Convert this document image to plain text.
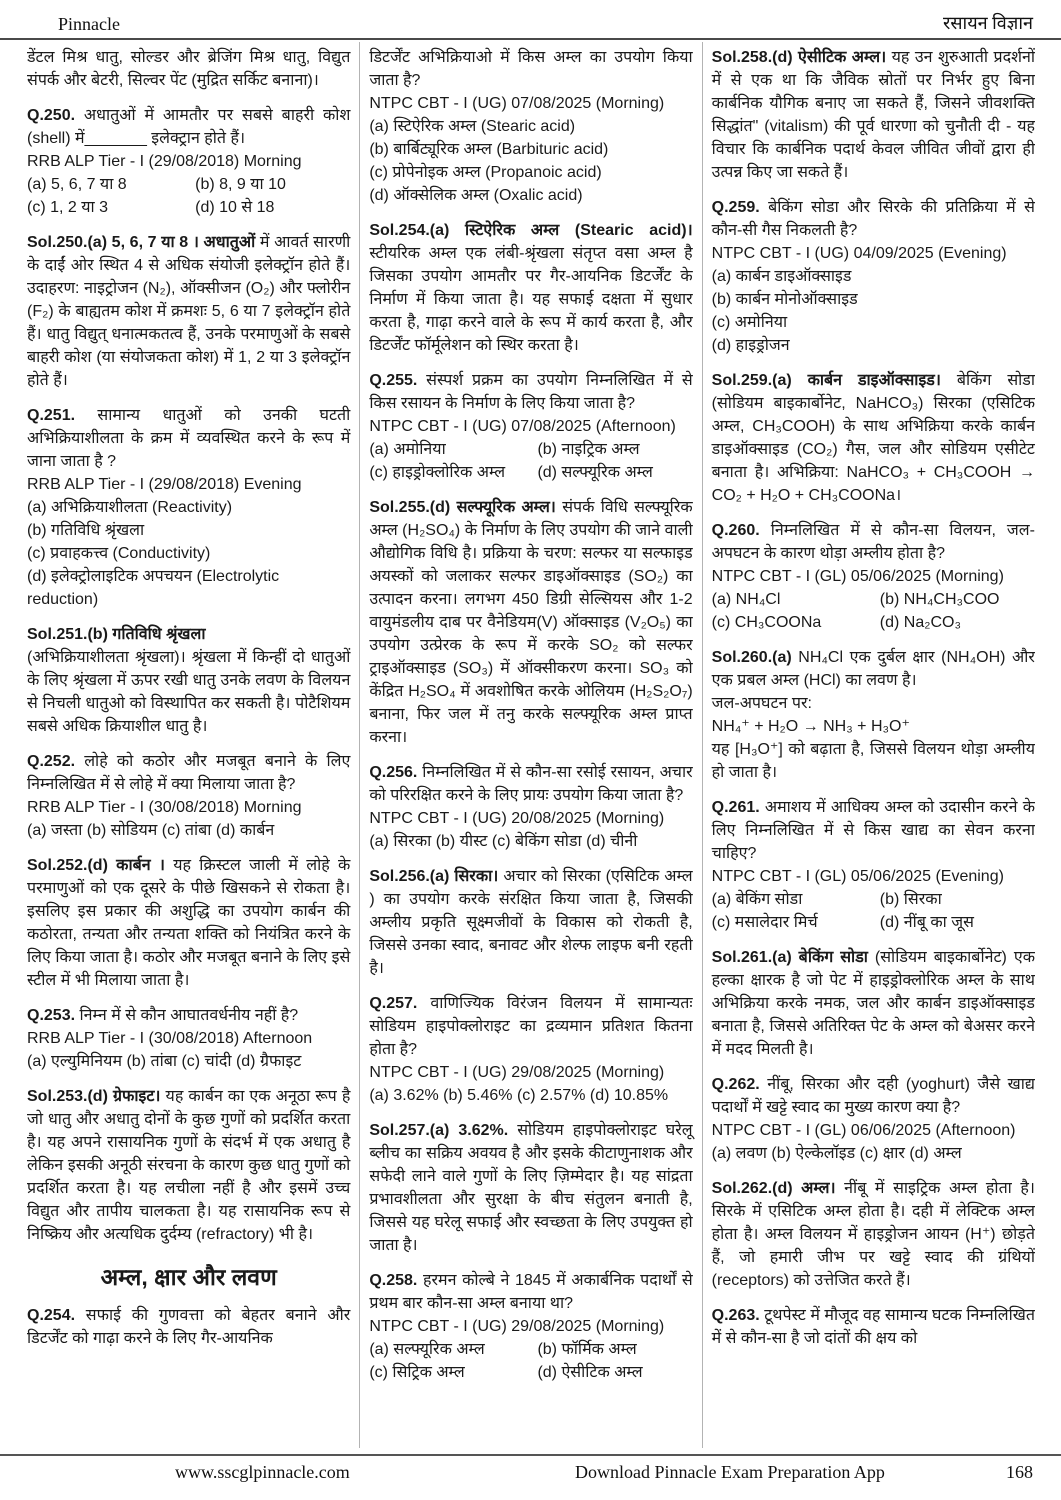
Pinnacle	रसायन विज्ञान
डेंटल मिश्र धातु, सोल्डर और ब्रेजिंग मिश्र धातु, विद्युत संपर्क और बेटरी, सिल्वर पेंट (मुद्रित सर्किट बनाना)।
Q.250. अधातुओं में आमतौर पर सबसे बाहरी कोश (shell) में_______ इलेक्ट्रान होते हैं।
RRB ALP Tier - I (29/08/2018) Morning
(a) 5, 6, 7 या 8	(b) 8, 9 या 10
(c) 1, 2 या 3	(d) 10 से 18
Sol.250.(a) 5, 6, 7 या 8 । अधातुओं में आवर्त सारणी के दाईं ओर स्थित 4 से अधिक संयोजी इलेक्ट्रॉन होते हैं। उदाहरण: नाइट्रोजन (N₂), ऑक्सीजन (O₂) और फ्लोरीन (F₂) के बाह्यतम कोश में क्रमशः 5, 6 या 7 इलेक्ट्रॉन होते हैं। धातु विद्युत् धनात्मकतत्व हैं, उनके परमाणुओं के सबसे बाहरी कोश (या संयोजकता कोश) में 1, 2 या 3 इलेक्ट्रॉन होते हैं।
Q.251. सामान्य धातुओं को उनकी घटती अभिक्रियाशीलता के क्रम में व्यवस्थित करने के रूप में जाना जाता है ?
RRB ALP Tier - I (29/08/2018) Evening
(a) अभिक्रियाशीलता (Reactivity)
(b) गतिविधि श्रृंखला
(c) प्रवाहकत्त्व (Conductivity)
(d) इलेक्ट्रोलाइटिक अपचयन (Electrolytic reduction)
Sol.251.(b) गतिविधि श्रृंखला
(अभिक्रियाशीलता श्रृंखला)। श्रृंखला में किन्हीं दो धातुओं के लिए श्रृंखला में ऊपर रखी धातु उनके लवण के विलयन से निचली धातुओ को विस्थापित कर सकती है। पोटैशियम सबसे अधिक क्रियाशील धातु है।
Q.252. लोहे को कठोर और मजबूत बनाने के लिए निम्नलिखित में से लोहे में क्या मिलाया जाता है?
RRB ALP Tier - I (30/08/2018) Morning
(a) जस्ता (b) सोडियम (c) तांबा (d) कार्बन
Sol.252.(d) कार्बन । यह क्रिस्टल जाली में लोहे के परमाणुओं को एक दूसरे के पीछे खिसकने से रोकता है। इसलिए इस प्रकार की अशुद्धि का उपयोग कार्बन की कठोरता, तन्यता और तन्यता शक्ति को नियंत्रित करने के लिए किया जाता है। कठोर और मजबूत बनाने के लिए इसे स्टील में भी मिलाया जाता है।
Q.253. निम्न में से कौन आघातवर्धनीय नहीं है?
RRB ALP Tier - I (30/08/2018) Afternoon
(a) एल्युमिनियम (b) तांबा (c) चांदी (d) ग्रैफाइट
Sol.253.(d) ग्रेफाइट। यह कार्बन का एक अनूठा रूप है जो धातु और अधातु दोनों के कुछ गुणों को प्रदर्शित करता है। यह अपने रासायनिक गुणों के संदर्भ में एक अधातु है लेकिन इसकी अनूठी संरचना के कारण कुछ धातु गुणों को प्रदर्शित करता है। यह लचीला नहीं है और इसमें उच्च विद्युत और तापीय चालकता है। यह रासायनिक रूप से निष्क्रिय और अत्यधिक दुर्दम्य (refractory) भी है।
अम्ल, क्षार और लवण
Q.254. सफाई की गुणवत्ता को बेहतर बनाने और डिटर्जेंट को गाढ़ा करने के लिए गैर-आयनिक
डिटर्जेंट अभिक्रियाओ में किस अम्ल का उपयोग किया जाता है?
NTPC CBT - I (UG) 07/08/2025 (Morning)
(a) स्टिऐरिक अम्ल (Stearic acid)
(b) बार्बिट्यूरिक अम्ल (Barbituric acid)
(c) प्रोपेनोइक अम्ल (Propanoic acid)
(d) ऑक्सेलिक अम्ल (Oxalic acid)
Sol.254.(a) स्टिऐरिक अम्ल (Stearic acid)। स्टीयरिक अम्ल एक लंबी-श्रृंखला संतृप्त वसा अम्ल है जिसका उपयोग आमतौर पर गैर-आयनिक डिटर्जेंट के निर्माण में किया जाता है। यह सफाई दक्षता में सुधार करता है, गाढ़ा करने वाले के रूप में कार्य करता है, और डिटर्जेंट फॉर्मूलेशन को स्थिर करता है।
Q.255. संस्पर्श प्रक्रम का उपयोग निम्नलिखित में से किस रसायन के निर्माण के लिए किया जाता है?
NTPC CBT - I (UG) 07/08/2025 (Afternoon)
(a) अमोनिया	(b) नाइट्रिक अम्ल
(c) हाइड्रोक्लोरिक अम्ल	(d) सल्फ्यूरिक अम्ल
Sol.255.(d) सल्फ्यूरिक अम्ल। संपर्क विधि सल्फ्यूरिक अम्ल (H₂SO₄) के निर्माण के लिए उपयोग की जाने वाली औद्योगिक विधि है। प्रक्रिया के चरण: सल्फर या सल्फाइड अयस्कों को जलाकर सल्फर डाइऑक्साइड (SO₂) का उत्पादन करना। लगभग 450 डिग्री सेल्सियस और 1-2 वायुमंडलीय दाब पर वैनेडियम(V) ऑक्साइड (V₂O₅) का उपयोग उत्प्रेरक के रूप में करके SO₂ को सल्फर ट्राइऑक्साइड (SO₃) में ऑक्सीकरण करना। SO₃ को केंद्रित H₂SO₄ में अवशोषित करके ओलियम (H₂S₂O₇) बनाना, फिर जल में तनु करके सल्फ्यूरिक अम्ल प्राप्त करना।
Q.256. निम्नलिखित में से कौन-सा रसोई रसायन, अचार को परिरक्षित करने के लिए प्रायः उपयोग किया जाता है?
NTPC CBT - I (UG) 20/08/2025 (Morning)
(a) सिरका (b) यीस्ट (c) बेकिंग सोडा (d) चीनी
Sol.256.(a) सिरका। अचार को सिरका (एसिटिक अम्ल ) का उपयोग करके संरक्षित किया जाता है, जिसकी अम्लीय प्रकृति सूक्ष्मजीवों के विकास को रोकती है, जिससे उनका स्वाद, बनावट और शेल्फ लाइफ बनी रहती है।
Q.257. वाणिज्यिक विरंजन विलयन में सामान्यतः सोडियम हाइपोक्लोराइट का द्रव्यमान प्रतिशत कितना होता है?
NTPC CBT - I (UG) 29/08/2025 (Morning)
(a) 3.62% (b) 5.46% (c) 2.57% (d) 10.85%
Sol.257.(a) 3.62%. सोडियम हाइपोक्लोराइट घरेलू ब्लीच का सक्रिय अवयव है और इसके कीटाणुनाशक और सफेदी लाने वाले गुणों के लिए ज़िम्मेदार है। यह सांद्रता प्रभावशीलता और सुरक्षा के बीच संतुलन बनाती है, जिससे यह घरेलू सफाई और स्वच्छता के लिए उपयुक्त हो जाता है।
Q.258. हरमन कोल्बे ने 1845 में अकार्बनिक पदार्थों से प्रथम बार कौन-सा अम्ल बनाया था?
NTPC CBT - I (UG) 29/08/2025 (Morning)
(a) सल्फ्यूरिक अम्ल	(b) फॉर्मिक अम्ल
(c) सिट्रिक अम्ल	(d) ऐसीटिक अम्ल
Sol.258.(d) ऐसीटिक अम्ल। यह उन शुरुआती प्रदर्शनों में से एक था कि जैविक स्रोतों पर निर्भर हुए बिना कार्बनिक यौगिक बनाए जा सकते हैं, जिसने जीवशक्ति सिद्धांत" (vitalism) की पूर्व धारणा को चुनौती दी - यह विचार कि कार्बनिक पदार्थ केवल जीवित जीवों द्वारा ही उत्पन्न किए जा सकते हैं।
Q.259. बेकिंग सोडा और सिरके की प्रतिक्रिया में से कौन-सी गैस निकलती है?
NTPC CBT - I (UG) 04/09/2025 (Evening)
(a) कार्बन डाइऑक्साइड
(b) कार्बन मोनोऑक्साइड
(c) अमोनिया
(d) हाइड्रोजन
Sol.259.(a) कार्बन डाइऑक्साइड। बेकिंग सोडा (सोडियम बाइकार्बोनेट, NaHCO₃) सिरका (एसिटिक अम्ल, CH₃COOH) के साथ अभिक्रिया करके कार्बन डाइऑक्साइड (CO₂) गैस, जल और सोडियम एसीटेट बनाता है। अभिक्रिया: NaHCO₃ + CH₃COOH → CO₂ + H₂O + CH₃COONa।
Q.260. निम्नलिखित में से कौन-सा विलयन, जल-अपघटन के कारण थोड़ा अम्लीय होता है?
NTPC CBT - I (GL) 05/06/2025 (Morning)
(a) NH₄Cl	(b) NH₄CH₃COO
(c) CH₃COONa	(d) Na₂CO₃
Sol.260.(a) NH₄Cl एक दुर्बल क्षार (NH₄OH) और एक प्रबल अम्ल (HCl) का लवण है।
जल-अपघटन पर:
NH₄⁺ + H₂O → NH₃ + H₃O⁺
यह [H₃O⁺] को बढ़ाता है, जिससे विलयन थोड़ा अम्लीय हो जाता है।
Q.261. अमाशय में आधिक्य अम्ल को उदासीन करने के लिए निम्नलिखित में से किस खाद्य का सेवन करना चाहिए?
NTPC CBT - I (GL) 05/06/2025 (Evening)
(a) बेकिंग सोडा	(b) सिरका
(c) मसालेदार मिर्च	(d) नींबू का जूस
Sol.261.(a) बेकिंग सोडा (सोडियम बाइकार्बोनेट) एक हल्का क्षारक है जो पेट में हाइड्रोक्लोरिक अम्ल के साथ अभिक्रिया करके नमक, जल और कार्बन डाइऑक्साइड बनाता है, जिससे अतिरिक्त पेट के अम्ल को बेअसर करने में मदद मिलती है।
Q.262. नींबू, सिरका और दही (yoghurt) जैसे खाद्य पदार्थों में खट्टे स्वाद का मुख्य कारण क्या है?
NTPC CBT - I (GL) 06/06/2025 (Afternoon)
(a) लवण (b) ऐल्केलॉइड (c) क्षार (d) अम्ल
Sol.262.(d) अम्ल। नींबू में साइट्रिक अम्ल होता है। सिरके में एसिटिक अम्ल होता है। दही में लेक्टिक अम्ल होता है। अम्ल विलयन में हाइड्रोजन आयन (H⁺) छोड़ते हैं, जो हमारी जीभ पर खट्टे स्वाद की ग्रंथियों (receptors) को उत्तेजित करते हैं।
Q.263. टूथपेस्ट में मौजूद वह सामान्य घटक निम्नलिखित में से कौन-सा है जो दांतों की क्षय को
www.sscglpinnacle.com	Download Pinnacle Exam Preparation App	168
